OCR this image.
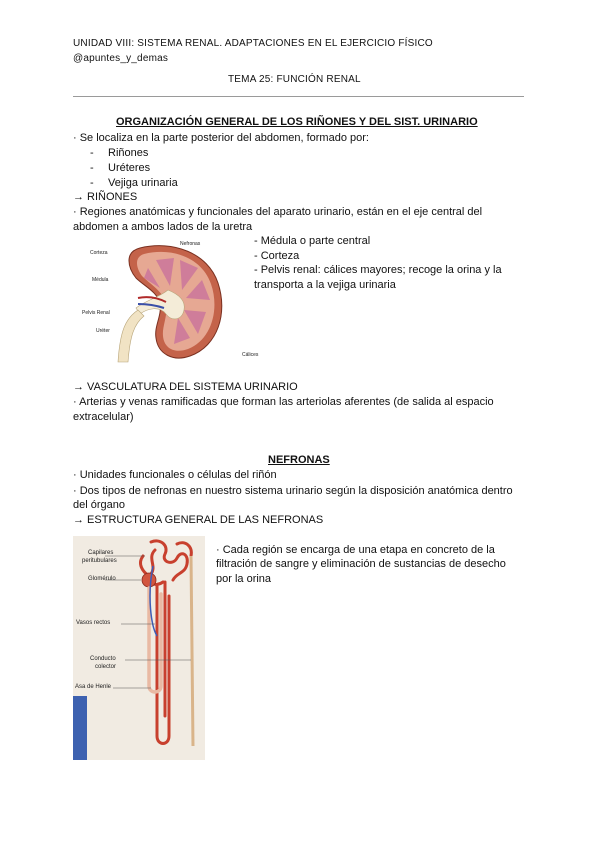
UNIDAD VIII: SISTEMA RENAL. ADAPTACIONES EN EL EJERCICIO FÍSICO
@apuntes_y_demas
TEMA 25: FUNCIÓN RENAL
ORGANIZACIÓN GENERAL DE LOS RIÑONES Y DEL SIST. URINARIO
· Se localiza en la parte posterior del abdomen, formado por:
- Riñones
- Uréteres
- Vejiga urinaria
→ RIÑONES
· Regiones anatómicas y funcionales del aparato urinario, están en el eje central del
abdomen a ambos lados de la uretra
Nefronas
Corteza
Médula
Pelvis Renal
Uréter
Cálices
- Médula o parte central
- Corteza
- Pelvis renal: cálices mayores; recoge la orina y la
transporta a la vejiga urinaria
→ VASCULATURA DEL SISTEMA URINARIO
· Arterias y venas ramificadas que forman las arteriolas aferentes (de salida al espacio
extracelular)
NEFRONAS
· Unidades funcionales o células del riñón
· Dos tipos de nefronas en nuestro sistema urinario según la disposición anatómica dentro
del órgano
→ ESTRUCTURA GENERAL DE LAS NEFRONAS
Capilares
peritubulares
Glomérulo
Vasos rectos
Conducto
colector
Asa de Henle
· Cada región se encarga de una etapa en concreto de la
filtración de sangre y eliminación de sustancias de desecho
por la orina
